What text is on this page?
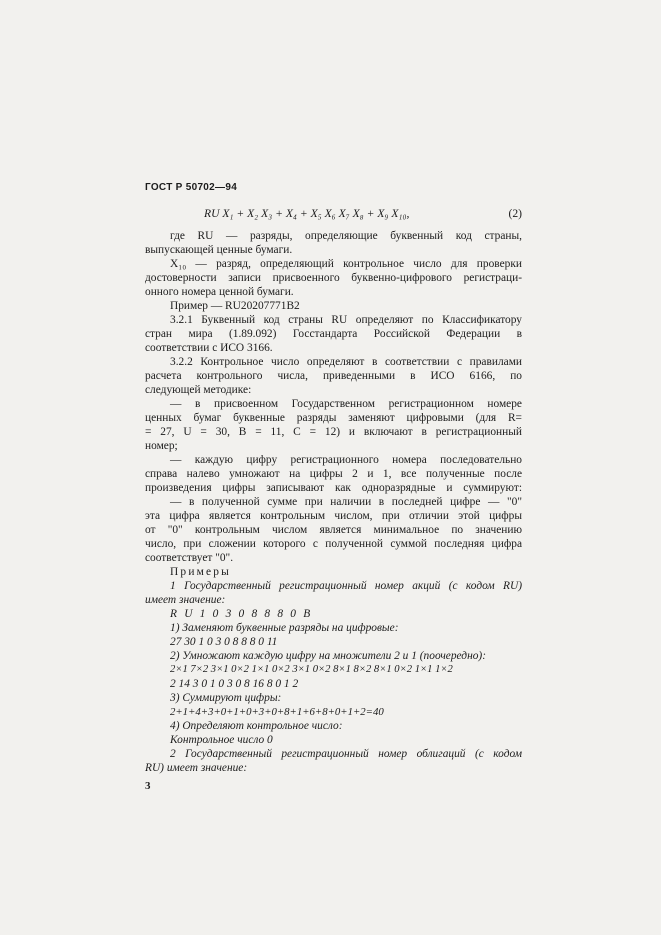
ГОСТ Р 50702—94
RU X₁ + X₂ X₃ + X₄ + X₅ X₆ X₇ X₈ + X₉ X₁₀,	(2)
где RU — разряды, определяющие буквенный код страны,
выпускающей ценные бумаги.
X₁₀ — разряд, определяющий контрольное число для проверки
достоверности записи присвоенного буквенно-цифрового регистраци-
онного номера ценной бумаги.
Пример — RU20207771B2
3.2.1 Буквенный код страны RU определяют по Классификатору
стран мира (1.89.092) Госстандарта Российской Федерации в
соответствии с ИСО 3166.
3.2.2 Контрольное число определяют в соответствии с правилами
расчета контрольного числа, приведенными в ИСО 6166, по
следующей методике:
— в присвоенном Государственном регистрационном номере
ценных бумаг буквенные разряды заменяют цифровыми (для R=
= 27, U = 30, B = 11, C = 12) и включают в регистрационный
номер;
— каждую цифру регистрационного номера последовательно
справа налево умножают на цифры 2 и 1, все полученные после
произведения цифры записывают как одноразрядные и суммируют:
— в полученной сумме при наличии в последней цифре — "0"
эта цифра является контрольным числом, при отличии этой цифры
от "0" контрольным числом является минимальное по значению
число, при сложении которого с полученной суммой последняя цифра
соответствует "0".
Примеры
1 Государственный регистрационный номер акций (с кодом RU)
имеет значение:
R U 1 0 3 0 8 8 8 0 B
1) Заменяют буквенные разряды на цифровые:
27 30 1 0 3 0 8 8 8 0 11
2) Умножают каждую цифру на множители 2 и 1 (поочередно):
2×1 7×2 3×1 0×2 1×1 0×2 3×1 0×2 8×1 8×2 8×1 0×2 1×1 1×2
2 14 3 0 1 0 3 0 8 16 8 0 1 2
3) Суммируют цифры:
2+1+4+3+0+1+0+3+0+8+1+6+8+0+1+2=40
4) Определяют контрольное число:
Контрольное число 0
2 Государственный регистрационный номер облигаций (с кодом
RU) имеет значение:
3
